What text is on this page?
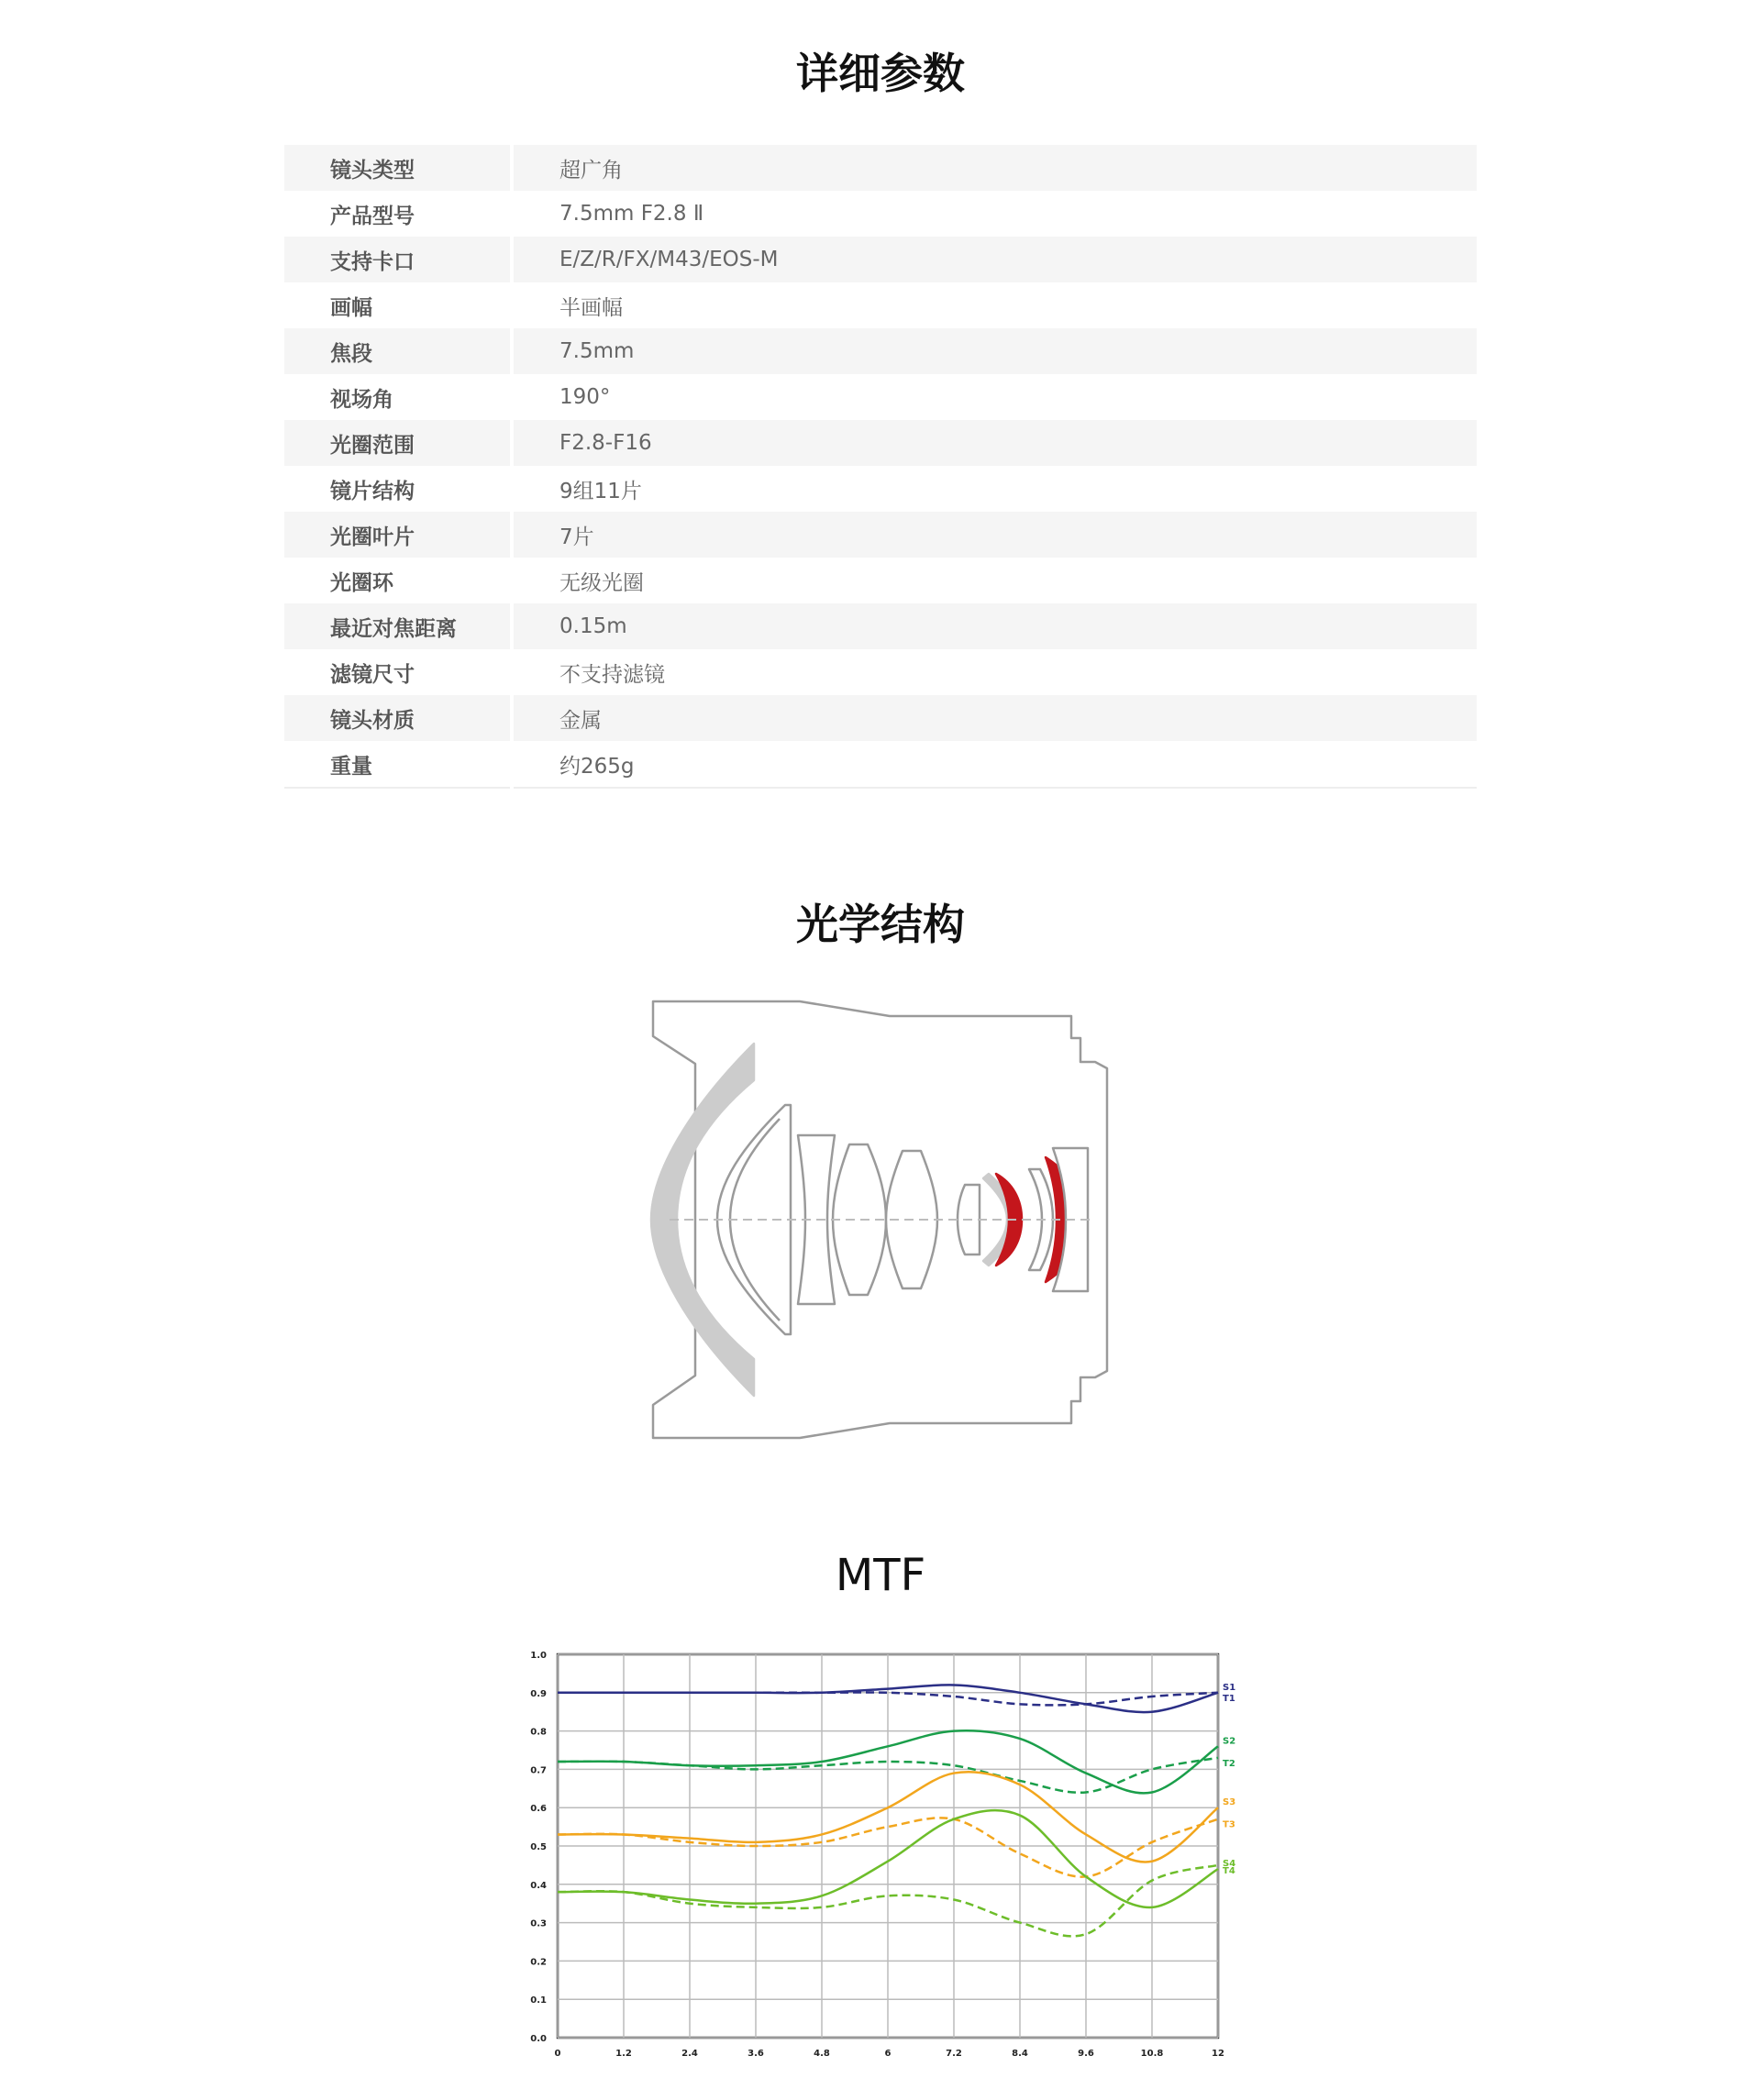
详细参数
镜头类型	超广角
产品型号	7.5mm F2.8 Ⅱ
支持卡口	E/Z/R/FX/M43/EOS-M
画幅	半画幅
焦段	7.5mm
视场角	190°
光圈范围	F2.8-F16
镜片结构	9组11片
光圈叶片	7片
光圈环	无级光圈
最近对焦距离	0.15m
滤镜尺寸	不支持滤镜
镜头材质	金属
重量	约265g
光学结构
MTF
0	1.2	2.4	3.6	4.8	6	7.2	8.4	9.6	10.8	12
0.0
0.1
0.2
0.3
0.4
0.5
0.6
0.7
0.8
0.9
1.0
S1
T1
S2
T2
S3
T3
S4
T4
